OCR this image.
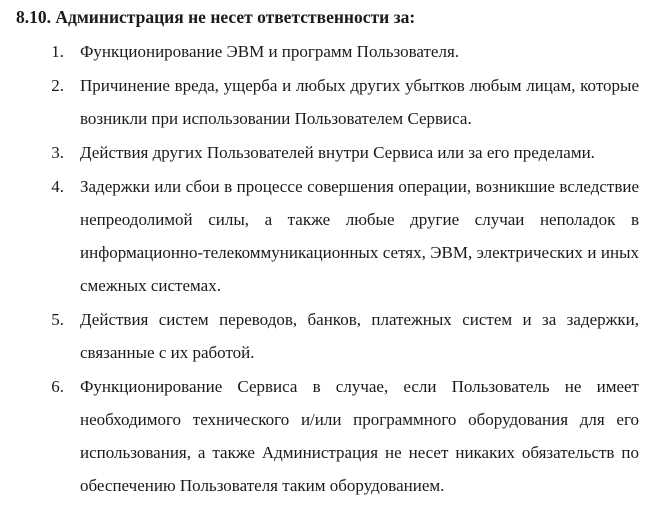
8.10. Администрация не несет ответственности за:
1. Функционирование ЭВМ и программ Пользователя.
2. Причинение вреда, ущерба и любых других убытков любым лицам, которые возникли при использовании Пользователем Сервиса.
3. Действия других Пользователей внутри Сервиса или за его пределами.
4. Задержки или сбои в процессе совершения операции, возникшие вследствие непреодолимой силы, а также любые другие случаи неполадок в информационно-телекоммуникационных сетях, ЭВМ, электрических и иных смежных системах.
5. Действия систем переводов, банков, платежных систем и за задержки, связанные с их работой.
6. Функционирование Сервиса в случае, если Пользователь не имеет необходимого технического и/или программного оборудования для его использования, а также Администрация не несет никаких обязательств по обеспечению Пользователя таким оборудованием.
